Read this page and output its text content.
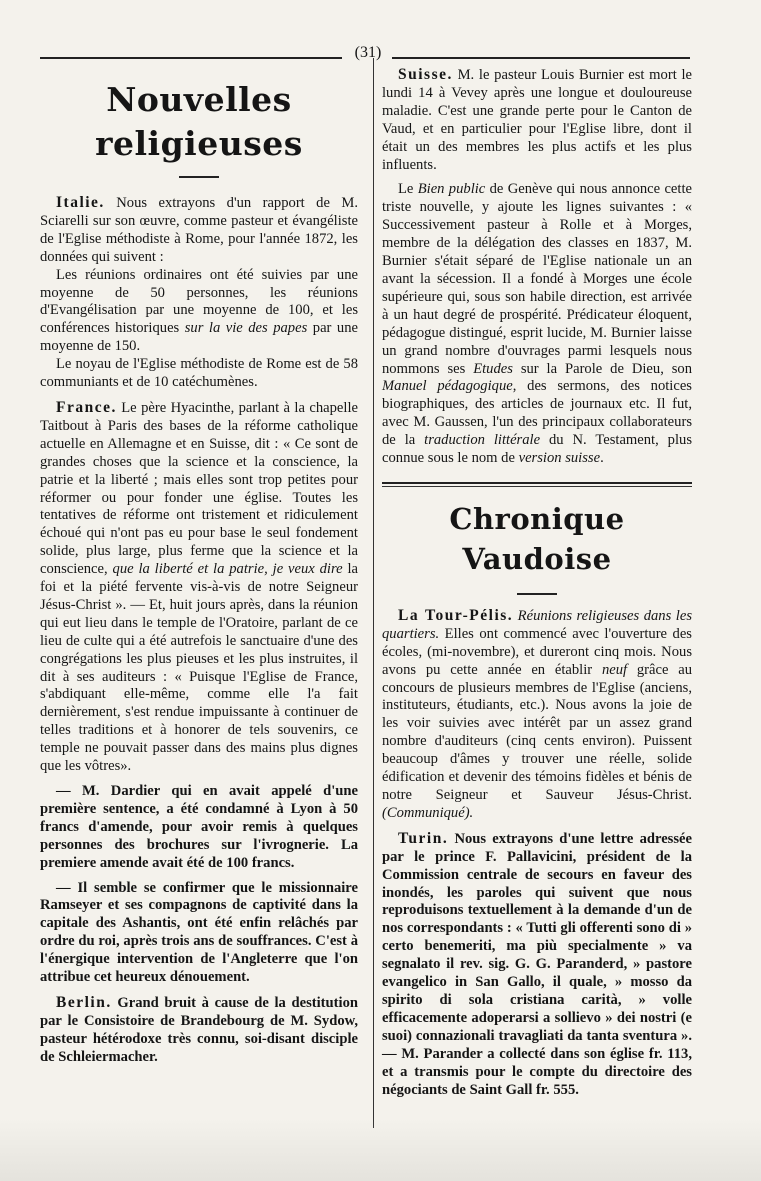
(31)
Nouvelles religieuses

Italie. Nous extrayons d'un rapport de M. Sciarelli sur son œuvre, comme pasteur et évangéliste de l'Eglise méthodiste à Rome, pour l'année 1872, les données qui suivent :

Les réunions ordinaires ont été suivies par une moyenne de 50 personnes, les réunions d'Evangélisation par une moyenne de 100, et les conférences historiques sur la vie des papes par une moyenne de 150.

Le noyau de l'Eglise méthodiste de Rome est de 58 communiants et de 10 catéchumènes.

France. Le père Hyacinthe, parlant à la chapelle Taitbout à Paris des bases de la réforme catholique actuelle en Allemagne et en Suisse, dit : « Ce sont de grandes choses que la science et la conscience, la patrie et la liberté ; mais elles sont trop petites pour réformer ou pour fonder une église. Toutes les tentatives de réforme ont tristement et ridiculement échoué qui n'ont pas eu pour base le seul fondement solide, plus large, plus ferme que la science et la conscience, que la liberté et la patrie, je veux dire la foi et la piété fervente vis-à-vis de notre Seigneur Jésus-Christ ». — Et, huit jours après, dans la réunion qui eut lieu dans le temple de l'Oratoire, parlant de ce lieu de culte qui a été autrefois le sanctuaire d'une des congrégations les plus pieuses et les plus instruites, il dit à ses auditeurs : « Puisque l'Eglise de France, s'abdiquant elle-même, comme elle l'a fait dernièrement, s'est rendue impuissante à continuer de telles traditions et à honorer de tels souvenirs, ce temple ne pouvait passer dans des mains plus dignes que les vôtres».

— M. Dardier qui en avait appelé d'une première sentence, a été condamné à Lyon à 50 francs d'amende, pour avoir remis à quelques personnes des brochures sur l'ivrognerie. La premiere amende avait été de 100 francs.

— Il semble se confirmer que le missionnaire Ramseyer et ses compagnons de captivité dans la capitale des Ashantis, ont été enfin relâchés par ordre du roi, après trois ans de souffrances. C'est à l'énergique intervention de l'Angleterre que l'on attribue cet heureux dénouement.

Berlin. Grand bruit à cause de la destitution par le Consistoire de Brandebourg de M. Sydow, pasteur hétérodoxe très connu, soi-disant disciple de Schleiermacher.

Suisse. M. le pasteur Louis Burnier est mort le lundi 14 à Vevey après une longue et douloureuse maladie. C'est une grande perte pour le Canton de Vaud, et en particulier pour l'Eglise libre, dont il était un des membres les plus actifs et les plus influents.

Le Bien public de Genève qui nous annonce cette triste nouvelle, y ajoute les lignes suivantes : « Successivement pasteur à Rolle et à Morges, membre de la délégation des classes en 1837, M. Burnier s'était séparé de l'Eglise nationale un an avant la sécession. Il a fondé à Morges une école supérieure qui, sous son habile direction, est arrivée à un haut degré de prospérité. Prédicateur éloquent, pédagogue distingué, esprit lucide, M. Burnier laisse un grand nombre d'ouvrages parmi lesquels nous nommons ses Etudes sur la Parole de Dieu, son Manuel pédagogique, des sermons, des notices biographiques, des articles de journaux etc. Il fut, avec M. Gaussen, l'un des principaux collaborateurs de la traduction littérale du N. Testament, plus connue sous le nom de version suisse.

Chronique Vaudoise

La Tour-Pélis. Réunions religieuses dans les quartiers. Elles ont commencé avec l'ouverture des écoles, (mi-novembre), et dureront cinq mois. Nous avons pu cette année en établir neuf grâce au concours de plusieurs membres de l'Eglise (anciens, instituteurs, étudiants, etc.). Nous avons la joie de les voir suivies avec intérêt par un assez grand nombre d'auditeurs (cinq cents environ). Puissent beaucoup d'âmes y trouver une réelle, solide édification et devenir des témoins fidèles et bénis de notre Seigneur et Sauveur Jésus-Christ. (Communiqué).

Turin. Nous extrayons d'une lettre adressée par le prince F. Pallavicini, président de la Commission centrale de secours en faveur des inondés, les paroles qui suivent que nous reproduisons textuellement à la demande d'un de nos correspondants : « Tutti gli offerenti sono di » certo benemeriti, ma più specialmente » va segnalato il rev. sig. G. G. Paranderd, » pastore evangelico in San Gallo, il quale, » mosso da spirito di sola cristiana carità, » volle efficacemente adoperarsi a sollievo » dei nostri (e suoi) connazionali travagliati da tanta sventura ». — M. Parander a collecté dans son église fr. 113, et a transmis pour le compte du directoire des négociants de Saint Gall fr. 555.
